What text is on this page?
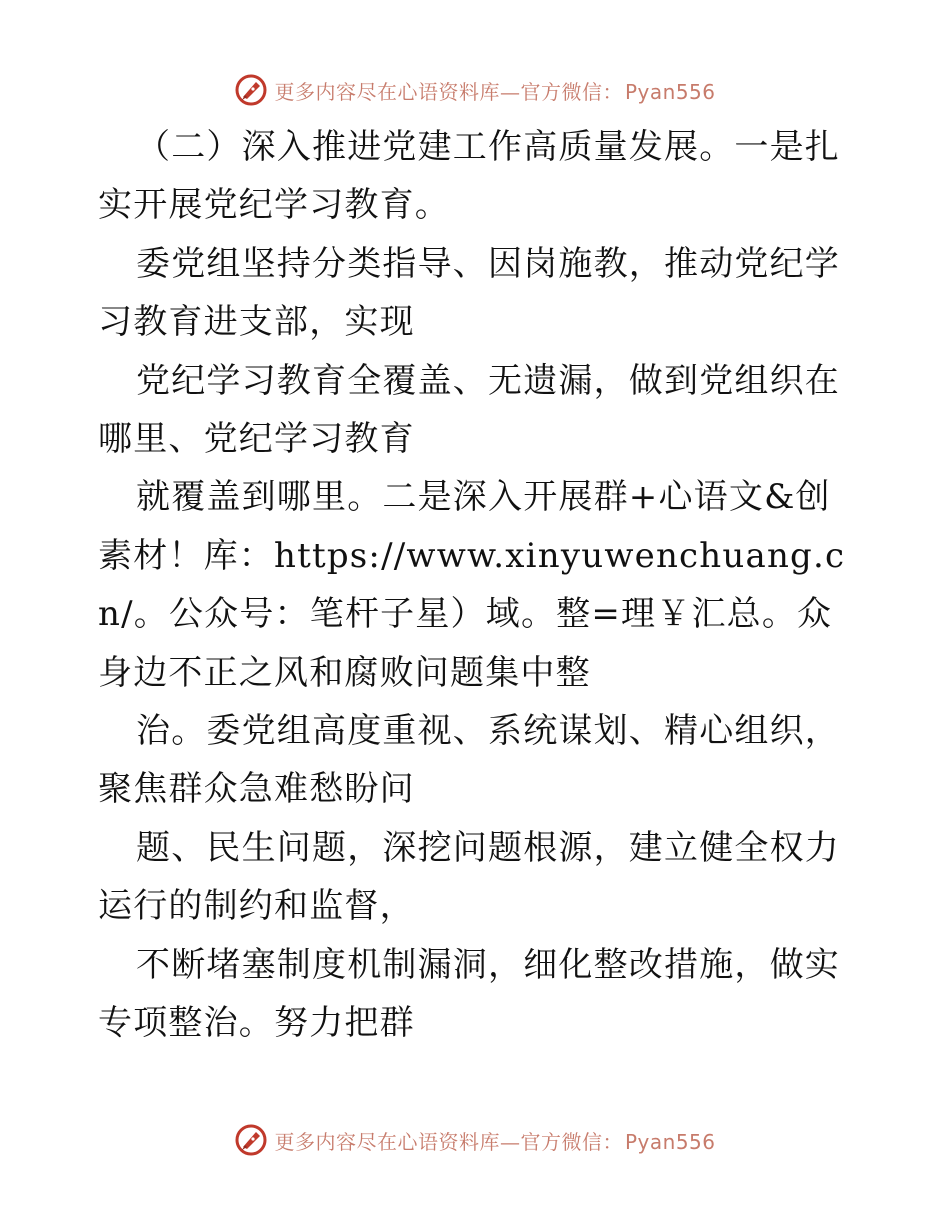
更多内容尽在心语资料库—官方微信： Pyan556

（二）深入推进党建工作高质量发展。一是扎实开展党纪学习教育。

委党组坚持分类指导、因岗施教，推动党纪学习教育进支部，实现

党纪学习教育全覆盖、无遗漏，做到党组织在哪里、党纪学习教育

就覆盖到哪里。二是深入开展群+心语文&创素材！库：https://www.xinyuwenchuang.cn/。公众号：笔杆子星）域。整=理￥汇总。众身边不正之风和腐败问题集中整

治。委党组高度重视、系统谋划、精心组织，聚焦群众急难愁盼问

题、民生问题，深挖问题根源，建立健全权力运行的制约和监督，

不断堵塞制度机制漏洞，细化整改措施，做实专项整治。努力把群

更多内容尽在心语资料库—官方微信： Pyan556
